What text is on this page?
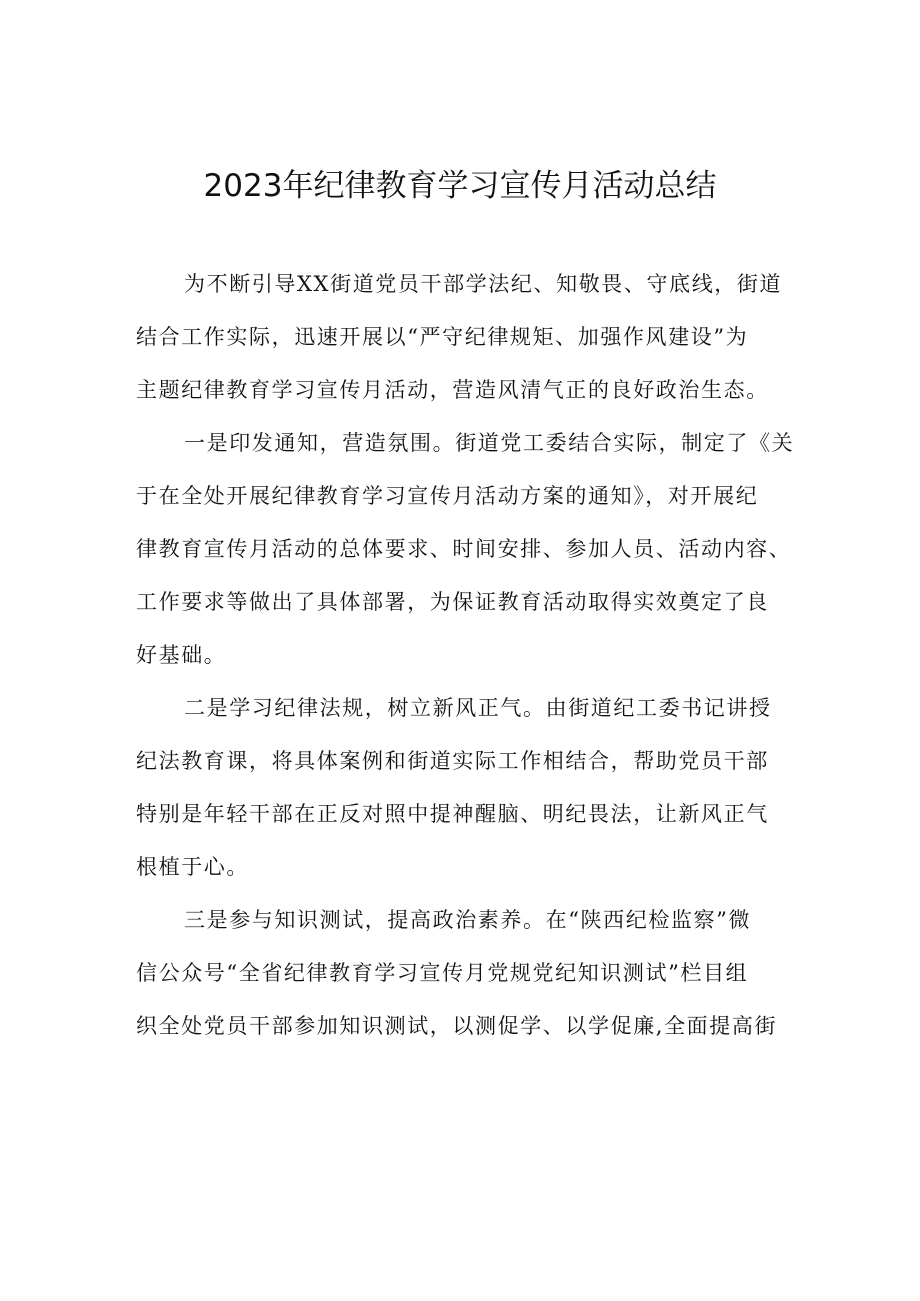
2023年纪律教育学习宣传月活动总结

为不断引导XX街道党员干部学法纪、知敬畏、守底线，街道
结合工作实际，迅速开展以“严守纪律规矩、加强作风建设”为
主题纪律教育学习宣传月活动，营造风清气正的良好政治生态。

一是印发通知，营造氛围。街道党工委结合实际，制定了《关
于在全处开展纪律教育学习宣传月活动方案的通知》，对开展纪
律教育宣传月活动的总体要求、时间安排、参加人员、活动内容、
工作要求等做出了具体部署，为保证教育活动取得实效奠定了良
好基础。

二是学习纪律法规，树立新风正气。由街道纪工委书记讲授
纪法教育课，将具体案例和街道实际工作相结合，帮助党员干部
特别是年轻干部在正反对照中提神醒脑、明纪畏法，让新风正气
根植于心。

三是参与知识测试，提高政治素养。在“陕西纪检监察”微
信公众号“全省纪律教育学习宣传月党规党纪知识测试”栏目组
织全处党员干部参加知识测试，以测促学、以学促廉,全面提高街
